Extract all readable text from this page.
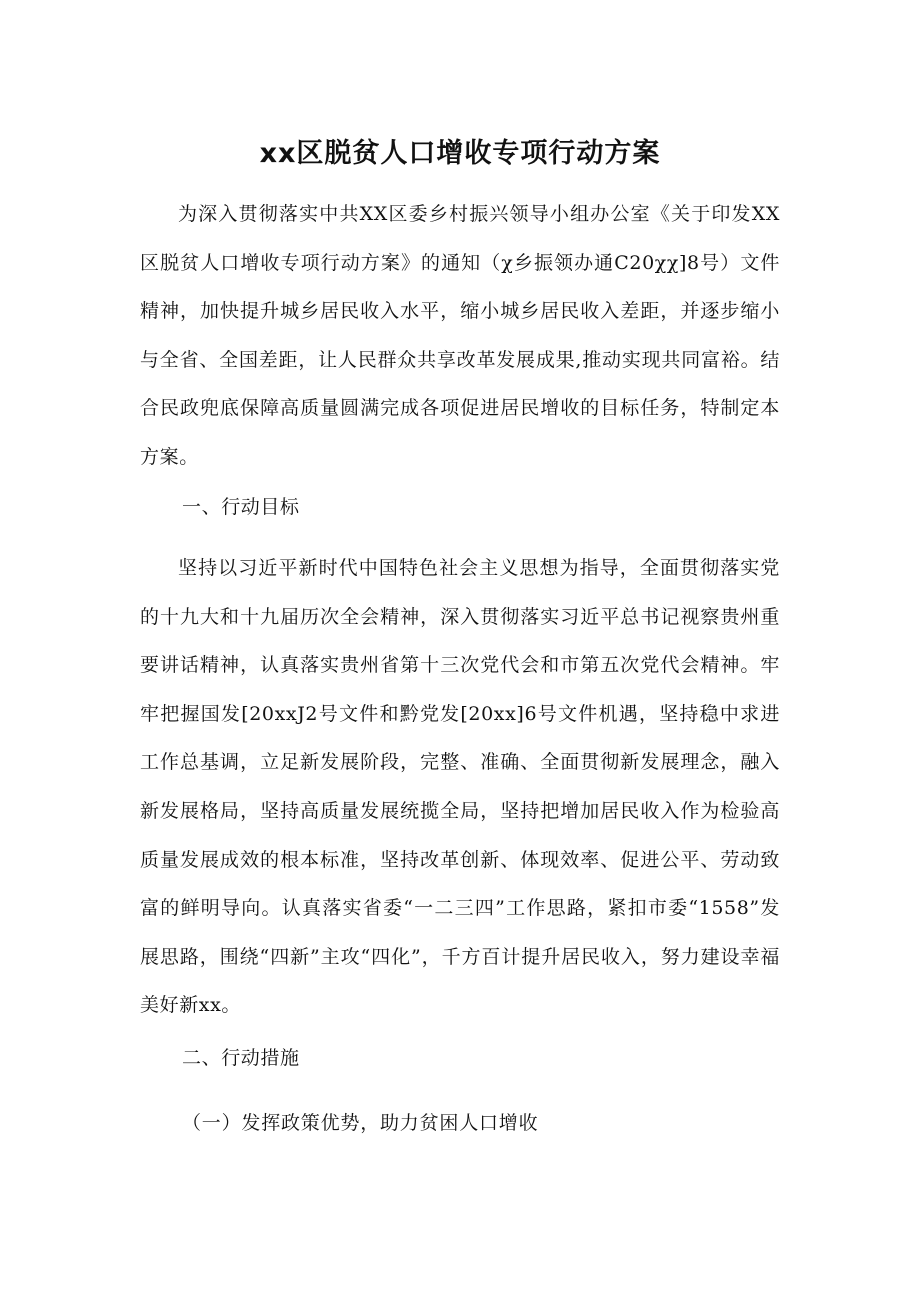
xx区脱贫人口增收专项行动方案

为深入贯彻落实中共XX区委乡村振兴领导小组办公室《关于印发XX区脱贫人口增收专项行动方案》的通知（χ乡振领办通C20χχ]8号）文件精神，加快提升城乡居民收入水平，缩小城乡居民收入差距，并逐步缩小与全省、全国差距，让人民群众共享改革发展成果,推动实现共同富裕。结合民政兜底保障高质量圆满完成各项促进居民增收的目标任务，特制定本方案。

一、行动目标

坚持以习近平新时代中国特色社会主义思想为指导，全面贯彻落实党的十九大和十九届历次全会精神，深入贯彻落实习近平总书记视察贵州重要讲话精神，认真落实贵州省第十三次党代会和市第五次党代会精神。牢牢把握国发[20xxJ2号文件和黔党发[20xx]6号文件机遇，坚持稳中求进工作总基调，立足新发展阶段，完整、准确、全面贯彻新发展理念，融入新发展格局，坚持高质量发展统揽全局，坚持把增加居民收入作为检验高质量发展成效的根本标准，坚持改革创新、体现效率、促进公平、劳动致富的鲜明导向。认真落实省委“一二三四”工作思路，紧扣市委“1558”发展思路，围绕“四新”主攻“四化”，千方百计提升居民收入，努力建设幸福美好新xx。

二、行动措施

（一）发挥政策优势，助力贫困人口增收
